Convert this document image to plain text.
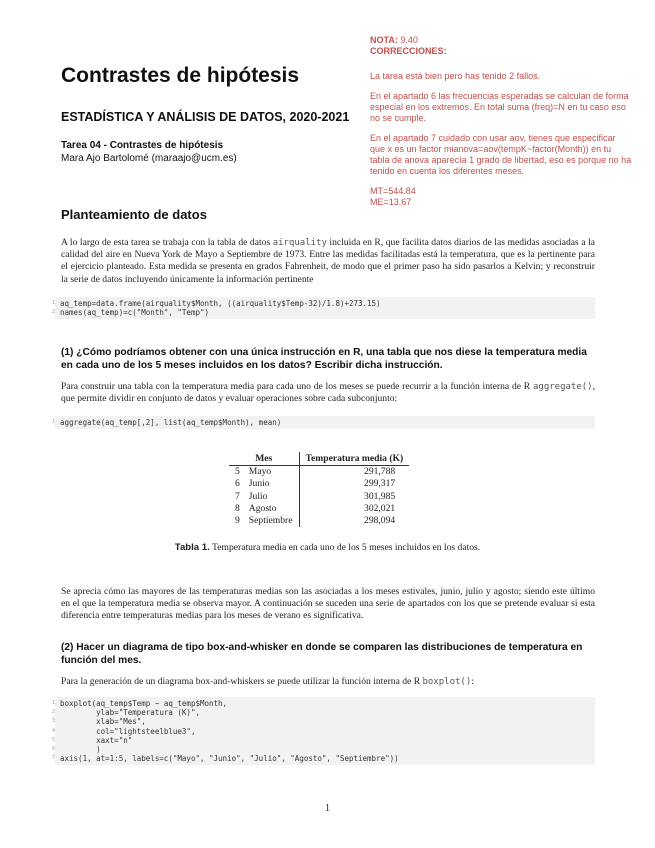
NOTA: 9.40

CORRECCIONES:

La tarea está bien pero has tenido 2 fallos.

En el apartado 6 las frecuencias esperadas se calculan de forma especial en los extremos. En total suma (freq)=N en tu caso eso no se cumple.

En el apartado 7 cuidado con usar aov, tienes que especificar que x es un factor mianova=aov(tempK~factor(Month)) en tu tabla de anova aparecía 1 grado de libertad, eso es porque no ha tenido en cuenta los diferentes meses.

MT=544.84

ME=13.67

Contrastes de hipótesis
ESTADÍSTICA Y ANÁLISIS DE DATOS, 2020-2021
Tarea 04 - Contrastes de hipótesis
Mara Ajo Bartolomé (maraajo@ucm.es)
Planteamiento de datos
A lo largo de esta tarea se trabaja con la tabla de datos airquality incluida en R, que facilita datos diarios de las medidas asociadas a la calidad del aire en Nueva York de Mayo a Septiembre de 1973. Entre las medidas facilitadas está la temperatura, que es la pertinente para el ejercicio planteado. Esta medida se presenta en grados Fahrenheit, de modo que el primer paso ha sido pasarlos a Kelvin; y reconstruir la serie de datos incluyendo únicamente la información pertinente
1 aq_temp=data.frame(airquality$Month, ((airquality$Temp-32)/1.8)+273.15)
2 names(aq_temp)=c("Month", "Temp")
(1) ¿Cómo podríamos obtener con una única instrucción en R, una tabla que nos diese la temperatura media en cada uno de los 5 meses incluidos en los datos? Escribir dicha instrucción.
Para construir una tabla con la temperatura media para cada uno de los meses se puede recurrir a la función interna de R aggregate(), que permite dividir en conjunto de datos y evaluar operaciones sobre cada subconjunto:
1 aggregate(aq_temp[,2], list(aq_temp$Month), mean)
Mes		Temperatura media (K)
5	Mayo	291,788
6	Junio	299,317
7	Julio	301,985
8	Agosto	302,021
9	Septiembre	298,094
Tabla 1. Temperatura media en cada uno de los 5 meses incluidos en los datos.
Se aprecia cómo las mayores de las temperaturas medias son las asociadas a los meses estivales, junio, julio y agosto; siendo este último en el que la temperatura media se observa mayor. A continuación se suceden una serie de apartados con los que se pretende evaluar si esta diferencia entre temperaturas medias para los meses de verano es significativa.
(2) Hacer un diagrama de tipo box-and-whisker en donde se comparen las distribuciones de temperatura en función del mes.
Para la generación de un diagrama box-and-whiskers se puede utilizar la función interna de R boxplot():
1 boxplot(aq_temp$Temp ~ aq_temp$Month,
2 ylab="Temperatura (K)",
3 xlab="Mes",
4 col="lightsteelblue3",
5 xaxt="n"
6 )
7 axis(1, at=1:5, labels=c("Mayo", "Junio", "Julio", "Agosto", "Septiembre"))
1
